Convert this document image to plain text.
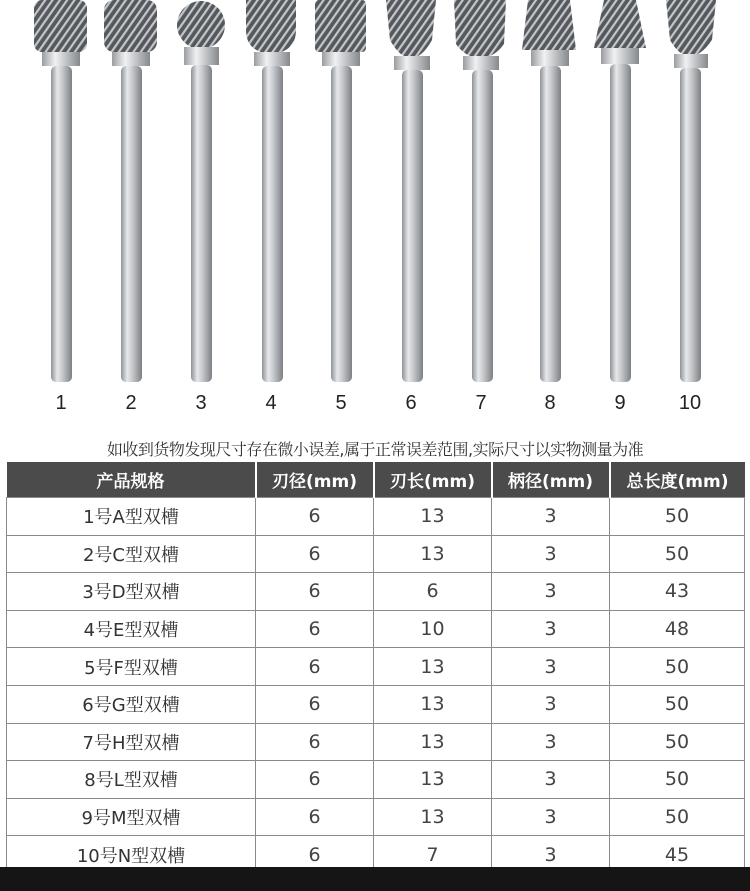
1	2	3	4	5	6	7	8	9	10
如收到货物发现尺寸存在微小误差,属于正常误差范围,实际尺寸以实物测量为准
产品规格	刃径(mm)	刃长(mm)	柄径(mm)	总长度(mm)
1号A型双槽	6	13	3	50
2号C型双槽	6	13	3	50
3号D型双槽	6	6	3	43
4号E型双槽	6	10	3	48
5号F型双槽	6	13	3	50
6号G型双槽	6	13	3	50
7号H型双槽	6	13	3	50
8号L型双槽	6	13	3	50
9号M型双槽	6	13	3	50
10号N型双槽	6	7	3	45
